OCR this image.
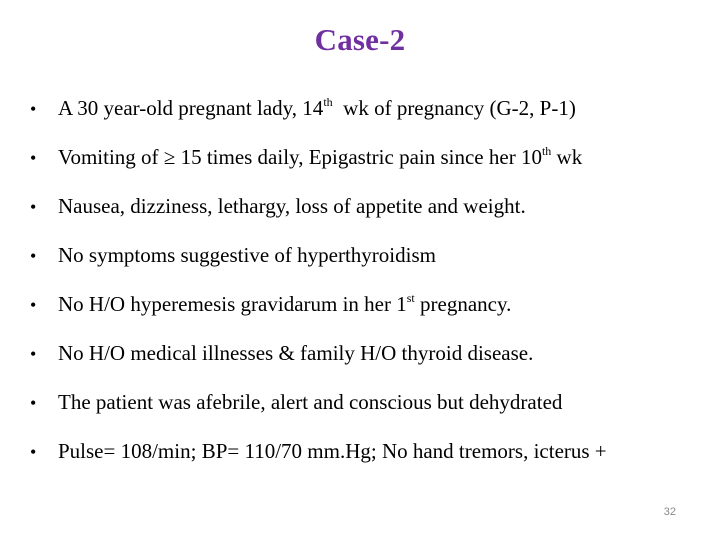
Case-2
• A 30 year-old pregnant lady, 14th  wk of pregnancy (G-2, P-1)
• Vomiting of ≥ 15 times daily, Epigastric pain since her 10th wk
• Nausea, dizziness, lethargy, loss of appetite and weight.
• No symptoms suggestive of hyperthyroidism
• No H/O hyperemesis gravidarum in her 1st pregnancy.
• No H/O medical illnesses & family H/O thyroid disease.
• The patient was afebrile, alert and conscious but dehydrated
• Pulse= 108/min; BP= 110/70 mm.Hg; No hand tremors, icterus +
32
